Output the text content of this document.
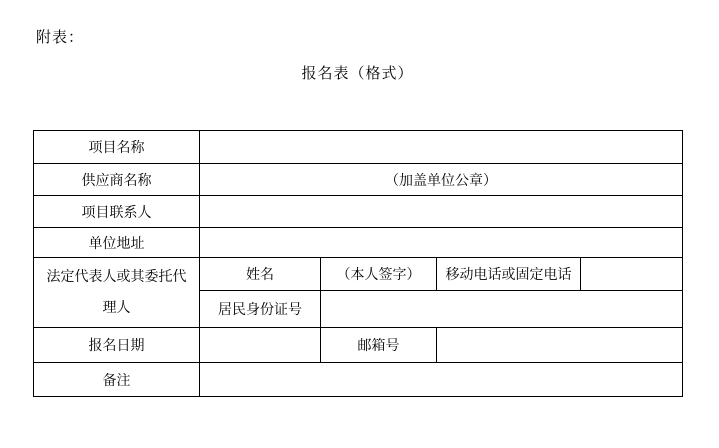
附表：
报名表（格式）
项目名称				
供应商名称	（加盖单位公章）			
项目联系人				
单位地址				

法定代表人或其委托代
理人	姓名	（本人签字）	移动电话或固定电话	
	居民身份证号			
报名日期		邮箱号		
备注				
